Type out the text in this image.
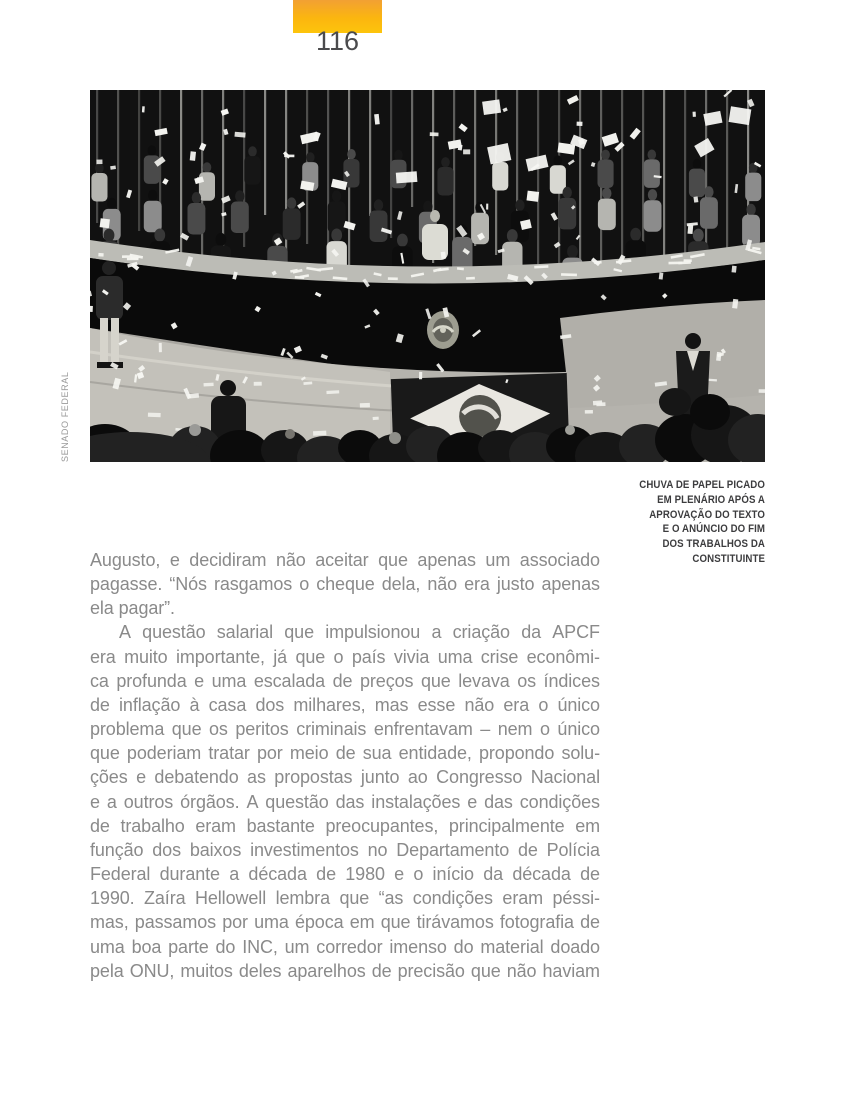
116
SENADO FEDERAL
CHUVA DE PAPEL PICADO
EM PLENÁRIO APÓS A
APROVAÇÃO DO TEXTO
E O ANÚNCIO DO FIM
DOS TRABALHOS DA
CONSTITUINTE
Augusto, e decidiram não aceitar que apenas um associado
pagasse. “Nós rasgamos o cheque dela, não era justo apenas
ela pagar”.
A questão salarial que impulsionou a criação da APCF
era muito importante, já que o país vivia uma crise econômi-
ca profunda e uma escalada de preços que levava os índices
de inflação à casa dos milhares, mas esse não era o único
problema que os peritos criminais enfrentavam – nem o único
que poderiam tratar por meio de sua entidade, propondo solu-
ções e debatendo as propostas junto ao Congresso Nacional
e a outros órgãos. A questão das instalações e das condições
de trabalho eram bastante preocupantes, principalmente em
função dos baixos investimentos no Departamento de Polícia
Federal durante a década de 1980 e o início da década de
1990. Zaíra Hellowell lembra que “as condições eram péssi-
mas, passamos por uma época em que tirávamos fotografia de
uma boa parte do INC, um corredor imenso do material doado
pela ONU, muitos deles aparelhos de precisão que não haviam
